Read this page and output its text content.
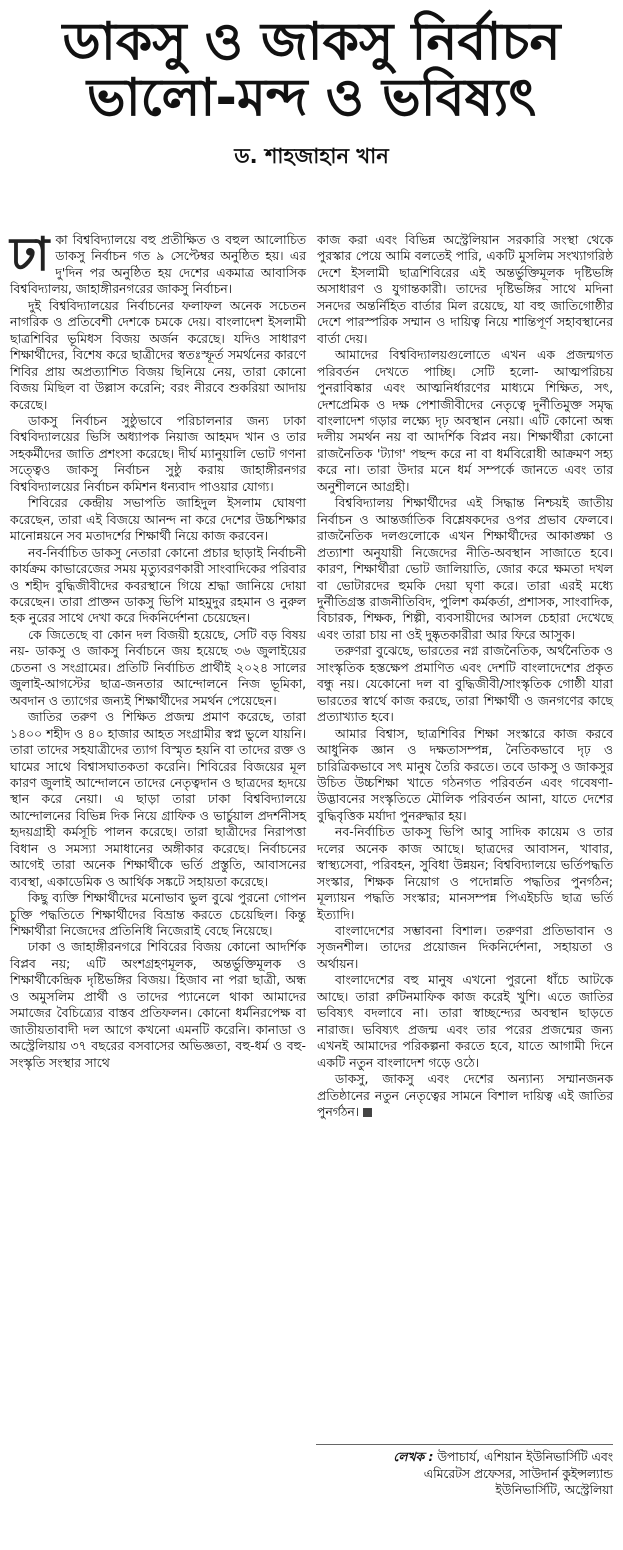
ডাকসু ও জাকসু নির্বাচন
ভালো-মন্দ ও ভবিষ্যৎ
ড. শাহজাহান খান

ঢাকা বিশ্ববিদ্যালয়ে বহু প্রতীক্ষিত ও বহুল আলোচিত ডাকসু নির্বাচন গত ৯ সেপ্টেম্বর অনুষ্ঠিত হয়। এর দু'দিন পর অনুষ্ঠিত হয় দেশের একমাত্র আবাসিক বিশ্ববিদ্যালয়, জাহাঙ্গীরনগরের জাকসু নির্বাচন।

দুই বিশ্ববিদ্যালয়ের নির্বাচনের ফলাফল অনেক সচেতন নাগরিক ও প্রতিবেশী দেশকে চমকে দেয়। বাংলাদেশ ইসলামী ছাত্রশিবির ভূমিধস বিজয় অর্জন করেছে। যদিও সাধারণ শিক্ষার্থীদের, বিশেষ করে ছাত্রীদের স্বতঃস্ফূর্ত সমর্থনের কারণে শিবির প্রায় অপ্রত্যাশিত বিজয় ছিনিয়ে নেয়, তারা কোনো বিজয় মিছিল বা উল্লাস করেনি; বরং নীরবে শুকরিয়া আদায় করেছে।

ডাকসু নির্বাচন সুষ্ঠুভাবে পরিচালনার জন্য ঢাকা বিশ্ববিদ্যালয়ের ভিসি অধ্যাপক নিয়াজ আহমদ খান ও তার সহকর্মীদের জাতি প্রশংসা করেছে। দীর্ঘ ম্যানুয়ালি ভোট গণনা সত্ত্বেও জাকসু নির্বাচন সুষ্ঠু করায় জাহাঙ্গীরনগর বিশ্ববিদ্যালয়ের নির্বাচন কমিশন ধন্যবাদ পাওয়ার যোগ্য।

শিবিরের কেন্দ্রীয় সভাপতি জাহিদুল ইসলাম ঘোষণা করেছেন, তারা এই বিজয়ে আনন্দ না করে দেশের উচ্চশিক্ষার মানোন্নয়নে সব মতাদর্শের শিক্ষার্থী নিয়ে কাজ করবেন।

নব-নির্বাচিত ডাকসু নেতারা কোনো প্রচার ছাড়াই নির্বাচনী কার্যক্রম কাভারেজের সময় মৃত্যুবরণকারী সাংবাদিকের পরিবার ও শহীদ বুদ্ধিজীবীদের কবরস্থানে গিয়ে শ্রদ্ধা জানিয়ে দোয়া করেছেন। তারা প্রাক্তন ডাকসু ভিপি মাহমুদুর রহমান ও নুরুল হক নুরের সাথে দেখা করে দিকনির্দেশনা চেয়েছেন।

কে জিতেছে বা কোন দল বিজয়ী হয়েছে, সেটি বড় বিষয় নয়- ডাকসু ও জাকসু নির্বাচনে জয় হয়েছে ৩৬ জুলাইয়ের চেতনা ও সংগ্রামের। প্রতিটি নির্বাচিত প্রার্থীই ২০২৪ সালের জুলাই-আগস্টের ছাত্র-জনতার আন্দোলনে নিজ ভূমিকা, অবদান ও ত্যাগের জন্যই শিক্ষার্থীদের সমর্থন পেয়েছেন।

জাতির তরুণ ও শিক্ষিত প্রজন্ম প্রমাণ করেছে, তারা ১৪০০ শহীদ ও ৪০ হাজার আহত সংগ্রামীর স্বপ্ন ভুলে যায়নি। তারা তাদের সহযাত্রীদের ত্যাগ বিস্মৃত হয়নি বা তাদের রক্ত ও ঘামের সাথে বিশ্বাসঘাতকতা করেনি। শিবিরের বিজয়ের মূল কারণ জুলাই আন্দোলনে তাদের নেতৃত্বদান ও ছাত্রদের হৃদয়ে স্থান করে নেয়া। এ ছাড়া তারা ঢাকা বিশ্ববিদ্যালয়ে আন্দোলনের বিভিন্ন দিক নিয়ে গ্রাফিক ও ভার্চুয়াল প্রদর্শনীসহ হৃদয়গ্রাহী কর্মসূচি পালন করেছে। তারা ছাত্রীদের নিরাপত্তা বিধান ও সমস্যা সমাধানের অঙ্গীকার করেছে। নির্বাচনের আগেই তারা অনেক শিক্ষার্থীকে ভর্তি প্রস্তুতি, আবাসনের ব্যবস্থা, একাডেমিক ও আর্থিক সঙ্কটে সহায়তা করেছে।

কিছু ব্যক্তি শিক্ষার্থীদের মনোভাব ভুল বুঝে পুরনো গোপন চুক্তি পদ্ধতিতে শিক্ষার্থীদের বিভ্রান্ত করতে চেয়েছিল। কিন্তু শিক্ষার্থীরা নিজেদের প্রতিনিধি নিজেরাই বেছে নিয়েছে।

ঢাকা ও জাহাঙ্গীরনগরে শিবিরের বিজয় কোনো আদর্শিক বিপ্লব নয়; এটি অংশগ্রহণমূলক, অন্তর্ভুক্তিমূলক ও শিক্ষার্থীকেন্দ্রিক দৃষ্টিভঙ্গির বিজয়। হিজাব না পরা ছাত্রী, অন্ধ ও অমুসলিম প্রার্থী ও তাদের প্যানেলে থাকা আমাদের সমাজের বৈচিত্র্যের বাস্তব প্রতিফলন। কোনো ধর্মনিরপেক্ষ বা জাতীয়তাবাদী দল আগে কখনো এমনটি করেনি। কানাডা ও অস্ট্রেলিয়ায় ৩৭ বছরের বসবাসের অভিজ্ঞতা, বহু-ধর্ম ও বহু-সংস্কৃতি সংস্থার সাথে

কাজ করা এবং বিভিন্ন অস্ট্রেলিয়ান সরকারি সংস্থা থেকে পুরস্কার পেয়ে আমি বলতেই পারি, একটি মুসলিম সংখ্যাগরিষ্ঠ দেশে ইসলামী ছাত্রশিবিরের এই অন্তর্ভুক্তিমূলক দৃষ্টিভঙ্গি অসাধারণ ও যুগান্তকারী। তাদের দৃষ্টিভঙ্গির সাথে মদিনা সনদের অন্তর্নিহিত বার্তার মিল রয়েছে, যা বহু জাতিগোষ্ঠীর দেশে পারস্পরিক সম্মান ও দায়িত্ব নিয়ে শান্তিপূর্ণ সহাবস্থানের বার্তা দেয়।

আমাদের বিশ্ববিদ্যালয়গুলোতে এখন এক প্রজন্মগত পরিবর্তন দেখতে পাচ্ছি। সেটি হলো- আত্মপরিচয় পুনরাবিষ্কার এবং আত্মনির্ধারণের মাধ্যমে শিক্ষিত, সৎ, দেশপ্রেমিক ও দক্ষ পেশাজীবীদের নেতৃত্বে দুর্নীতিমুক্ত সমৃদ্ধ বাংলাদেশ গড়ার লক্ষ্যে দৃঢ় অবস্থান নেয়া। এটি কোনো অন্ধ দলীয় সমর্থন নয় বা আদর্শিক বিপ্লব নয়। শিক্ষার্থীরা কোনো রাজনৈতিক 'ট্যাগ' পছন্দ করে না বা ধর্মবিরোধী আক্রমণ সহ্য করে না। তারা উদার মনে ধর্ম সম্পর্কে জানতে এবং তার অনুশীলনে আগ্রহী।

বিশ্ববিদ্যালয় শিক্ষার্থীদের এই সিদ্ধান্ত নিশ্চয়ই জাতীয় নির্বাচন ও আন্তর্জাতিক বিশ্লেষকদের ওপর প্রভাব ফেলবে। রাজনৈতিক দলগুলোকে এখন শিক্ষার্থীদের আকাঙ্ক্ষা ও প্রত্যাশা অনুযায়ী নিজেদের নীতি-অবস্থান সাজাতে হবে। কারণ, শিক্ষার্থীরা ভোট জালিয়াতি, জোর করে ক্ষমতা দখল বা ভোটারদের হুমকি দেয়া ঘৃণা করে। তারা এরই মধ্যে দুর্নীতিগ্রস্ত রাজনীতিবিদ, পুলিশ কর্মকর্তা, প্রশাসক, সাংবাদিক, বিচারক, শিক্ষক, শিল্পী, ব্যবসায়ীদের আসল চেহারা দেখেছে এবং তারা চায় না ওই দুষ্কৃতকারীরা আর ফিরে আসুক।

তরুণরা বুঝেছে, ভারতের নগ্ন রাজনৈতিক, অর্থনৈতিক ও সাংস্কৃতিক হস্তক্ষেপ প্রমাণিত এবং দেশটি বাংলাদেশের প্রকৃত বন্ধু নয়। যেকোনো দল বা বুদ্ধিজীবী/সাংস্কৃতিক গোষ্ঠী যারা ভারতের স্বার্থে কাজ করছে, তারা শিক্ষার্থী ও জনগণের কাছে প্রত্যাখ্যাত হবে।

আমার বিশ্বাস, ছাত্রশিবির শিক্ষা সংস্কারে কাজ করবে আধুনিক জ্ঞান ও দক্ষতাসম্পন্ন, নৈতিকভাবে দৃঢ় ও চারিত্রিকভাবে সৎ মানুষ তৈরি করতে। তবে ডাকসু ও জাকসুর উচিত উচ্চশিক্ষা খাতে গঠনগত পরিবর্তন এবং গবেষণা-উদ্ভাবনের সংস্কৃতিতে মৌলিক পরিবর্তন আনা, যাতে দেশের বুদ্ধিবৃত্তিক মর্যাদা পুনরুদ্ধার হয়।

নব-নির্বাচিত ডাকসু ভিপি আবু সাদিক কায়েম ও তার দলের অনেক কাজ আছে। ছাত্রদের আবাসন, খাবার, স্বাস্থ্যসেবা, পরিবহন, সুবিধা উন্নয়ন; বিশ্ববিদ্যালয়ে ভর্তিপদ্ধতি সংস্কার, শিক্ষক নিয়োগ ও পদোন্নতি পদ্ধতির পুনর্গঠন; মূল্যায়ন পদ্ধতি সংস্কার; মানসম্পন্ন পিএইচডি ছাত্র ভর্তি ইত্যাদি।

বাংলাদেশের সম্ভাবনা বিশাল। তরুণরা প্রতিভাবান ও সৃজনশীল। তাদের প্রয়োজন দিকনির্দেশনা, সহায়তা ও অর্থায়ন।

বাংলাদেশের বহু মানুষ এখনো পুরনো ধাঁচে আটকে আছে। তারা রুটিনমাফিক কাজ করেই খুশি। এতে জাতির ভবিষ্যৎ বদলাবে না। তারা স্বাচ্ছন্দ্যের অবস্থান ছাড়তে নারাজ। ভবিষ্যৎ প্রজন্ম এবং তার পরের প্রজন্মের জন্য এখনই আমাদের পরিকল্পনা করতে হবে, যাতে আগামী দিনে একটি নতুন বাংলাদেশ গড়ে ওঠে।

ডাকসু, জাকসু এবং দেশের অন্যান্য সম্মানজনক প্রতিষ্ঠানের নতুন নেতৃত্বের সামনে বিশাল দায়িত্ব এই জাতির পুনর্গঠন।

লেখক : উপাচার্য, এশিয়ান ইউনিভার্সিটি এবং
এমিরেটস প্রফেসর, সাউদার্ন কুইন্সল্যান্ড
ইউনিভার্সিটি, অস্ট্রেলিয়া
